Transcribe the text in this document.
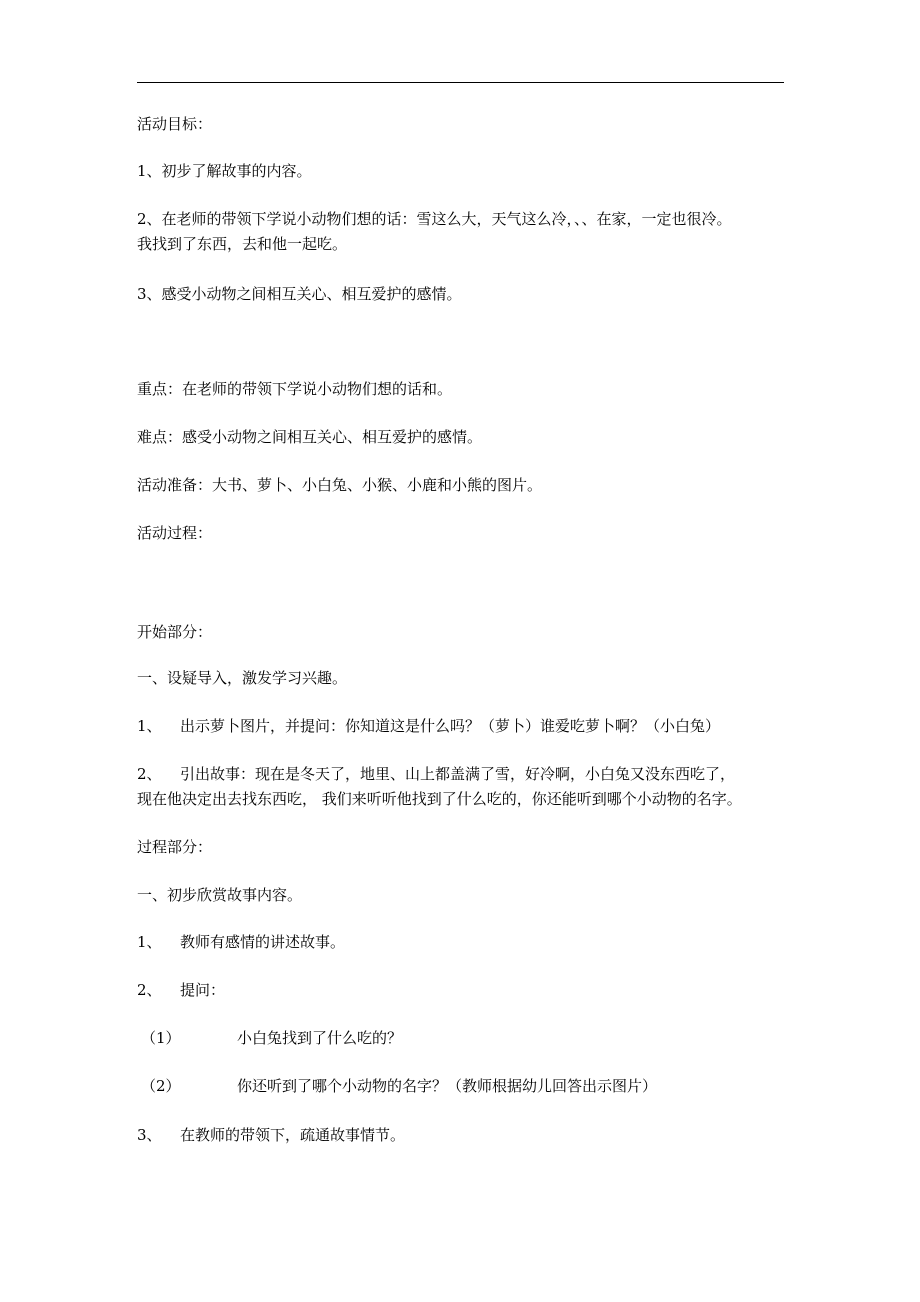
活动目标：
1、初步了解故事的内容。
2、在老师的带领下学说小动物们想的话：雪这么大，天气这么冷，、、在家，一定也很冷。
我找到了东西，去和他一起吃。
3、感受小动物之间相互关心、相互爱护的感情。
重点：在老师的带领下学说小动物们想的话和。
难点：感受小动物之间相互关心、相互爱护的感情。
活动准备：大书、萝卜、小白兔、小猴、小鹿和小熊的图片。
活动过程：
开始部分：
一、设疑导入，激发学习兴趣。
1、 出示萝卜图片，并提问：你知道这是什么吗？（萝卜）谁爱吃萝卜啊？（小白兔）
2、 引出故事：现在是冬天了，地里、山上都盖满了雪，好冷啊，小白兔又没东西吃了，
现在他决定出去找东西吃， 我们来听听他找到了什么吃的，你还能听到哪个小动物的名字。
过程部分：
一、初步欣赏故事内容。
1、 教师有感情的讲述故事。
2、 提问：
（1）	小白兔找到了什么吃的？
（2）	你还听到了哪个小动物的名字？（教师根据幼儿回答出示图片）
3、 在教师的带领下，疏通故事情节。
